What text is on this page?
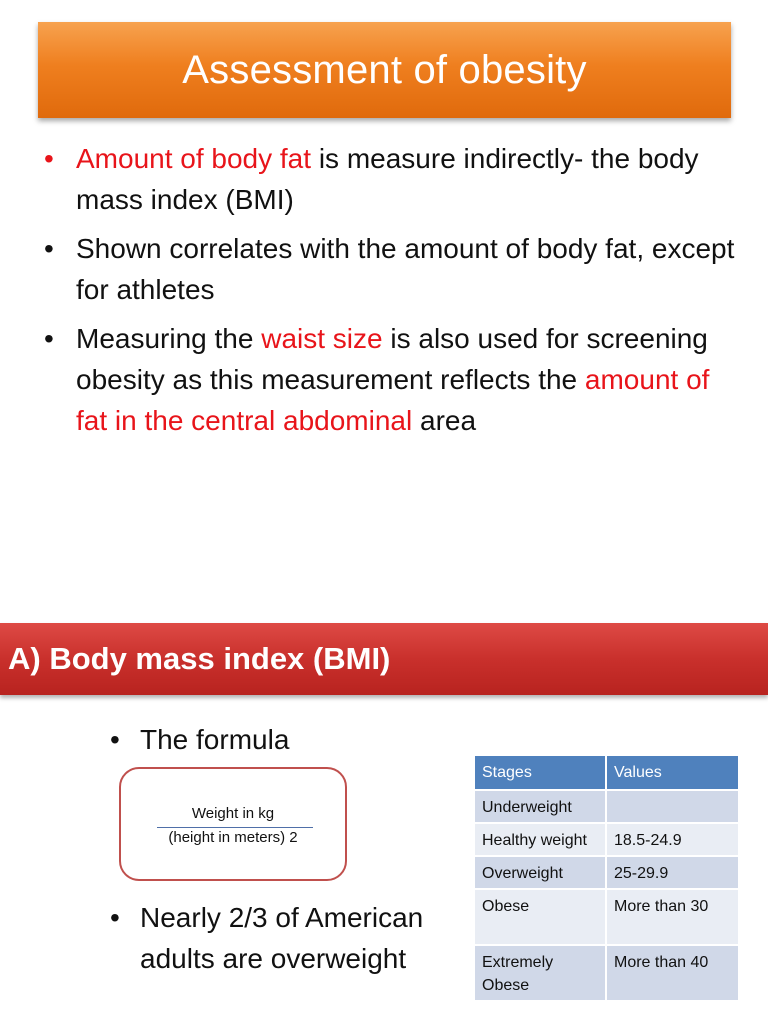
Assessment of obesity
• Amount of body fat is measure indirectly- the body mass index (BMI)
• Shown correlates with the amount of body fat, except for athletes
• Measuring the waist size is also used for screening obesity as this measurement reflects the amount of fat in the central abdominal area
A) Body mass index (BMI)

• The formula

Weight in kg
(height in meters) 2

• Nearly 2/3 of American adults are overweight

Stages	Values
Underweight	
Healthy weight	18.5-24.9
Overweight	25-29.9
Obese	More than 30
Extremely Obese	More than 40
